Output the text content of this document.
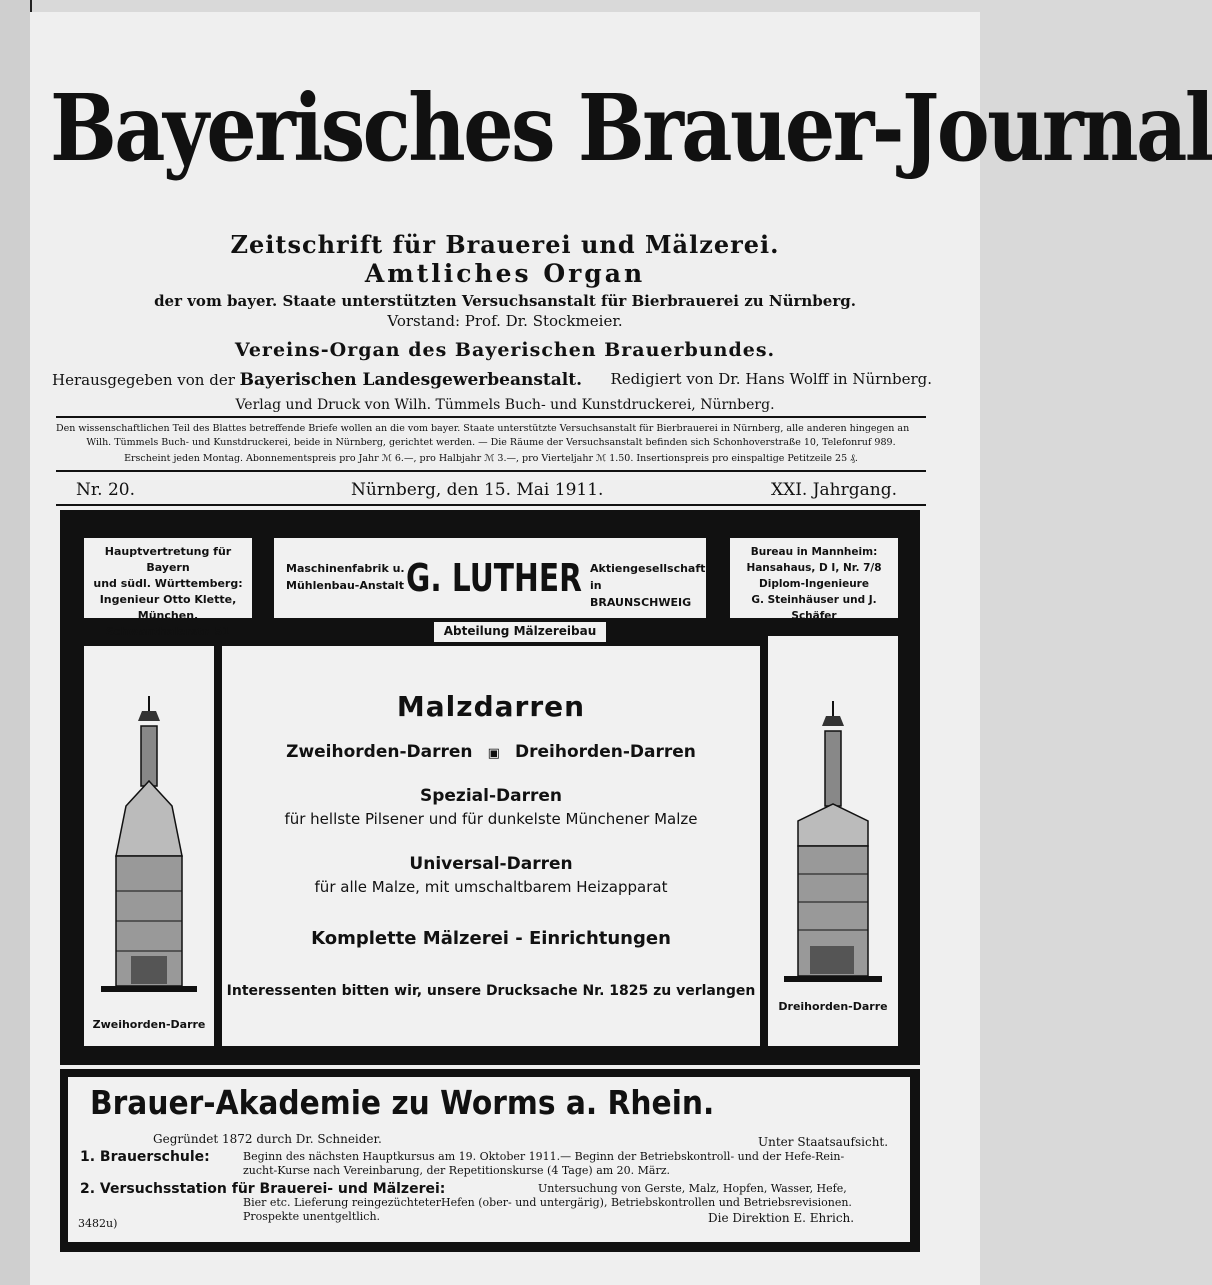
Bayerisches Brauer-Journal
Zeitschrift für Brauerei und Mälzerei.
Amtliches Organ
der vom bayer. Staate unterstützten Versuchsanstalt für Bierbrauerei zu Nürnberg.
Vorstand: Prof. Dr. Stockmeier.
Vereins-Organ des Bayerischen Brauerbundes.
Herausgegeben von der Bayerischen Landesgewerbeanstalt. Redigiert von Dr. Hans Wolff in Nürnberg.
Verlag und Druck von Wilh. Tümmels Buch- und Kunstdruckerei, Nürnberg.
Den wissenschaftlichen Teil des Blattes betreffende Briefe wollen an die vom bayer. Staate unterstützte Versuchsanstalt für Bierbrauerei in Nürnberg, alle anderen hingegen an
Wilh. Tümmels Buch- und Kunstdruckerei, beide in Nürnberg, gerichtet werden. — Die Räume der Versuchsanstalt befinden sich Schonhoverstraße 10, Telefonruf 989.
Erscheint jeden Montag. Abonnementspreis pro Jahr ℳ 6.—, pro Halbjahr ℳ 3.—, pro Vierteljahr ℳ 1.50. Insertionspreis pro einspaltige Petitzeile 25 ₰.
Nr. 20.	Nürnberg, den 15. Mai 1911.	XXI. Jahrgang.
Hauptvertretung für Bayern
und südl. Württemberg:
Ingenieur Otto Klette,
München, Schwanthalerstr. 51
Maschinenfabrik u.
Mühlenbau-Anstalt G. LUTHER Aktiengesellschaft
in BRAUNSCHWEIG
Bureau in Mannheim:
Hansahaus, D I, Nr. 7/8
Diplom-Ingenieure
G. Steinhäuser und J. Schäfer
Zweihorden-Darre
Dreihorden-Darre
Malzdarren
Zweihorden-Darren ▣ Dreihorden-Darren
Spezial-Darren
für hellste Pilsener und für dunkelste Münchener Malze
Universal-Darren
für alle Malze, mit umschaltbarem Heizapparat
Komplette Mälzerei - Einrichtungen
Interessenten bitten wir, unsere Drucksache Nr. 1825 zu verlangen
Abteilung Mälzereibau
Brauer-Akademie zu Worms a. Rhein.
Gegründet 1872 durch Dr. Schneider.	Unter Staatsaufsicht.
1. Brauerschule:	Beginn des nächsten Hauptkursus am 19. Oktober 1911.— Beginn der Betriebskontroll- und der Hefe-Rein-
zucht-Kurse nach Vereinbarung, der Repetitionskurse (4 Tage) am 20. März.
2. Versuchsstation für Brauerei- und Mälzerei:	Untersuchung von Gerste, Malz, Hopfen, Wasser, Hefe,
Bier etc. Lieferung reingezüchteterHefen (ober- und untergärig), Betriebskontrollen und Betriebsrevisionen.
Prospekte unentgeltlich.
3482u)	Die Direktion E. Ehrich.
